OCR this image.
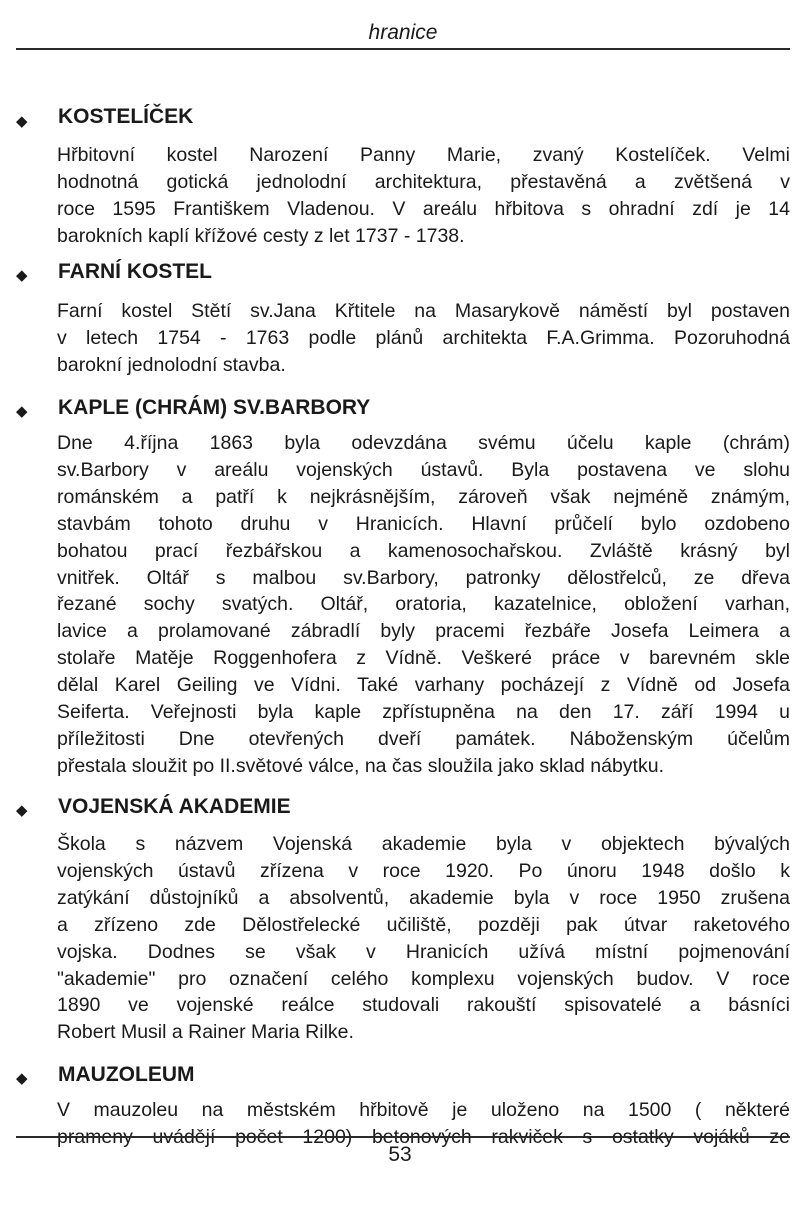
hranice
◆ KOSTELÍČEK

Hřbitovní kostel Narození Panny Marie, zvaný Kostelíček. Velmi
hodnotná gotická jednolodní architektura, přestavěná a zvětšená v
roce 1595 Františkem Vladenou. V areálu hřbitova s ohradní zdí je 14
barokních kaplí křížové cesty z let 1737 - 1738.

◆ FARNÍ KOSTEL

Farní kostel Stětí sv.Jana Křtitele na Masarykově náměstí byl postaven
v letech 1754 - 1763 podle plánů architekta F.A.Grimma. Pozoruhodná
barokní jednolodní stavba.

◆ KAPLE (CHRÁM) SV.BARBORY

Dne 4.října 1863 byla odevzdána svému účelu kaple (chrám)
sv.Barbory v areálu vojenských ústavů. Byla postavena ve slohu
románském a patří k nejkrásnějším, zároveň však nejméně známým,
stavbám tohoto druhu v Hranicích. Hlavní průčelí bylo ozdobeno
bohatou prací řezbářskou a kamenosochařskou. Zvláště krásný byl
vnitřek. Oltář s malbou sv.Barbory, patronky dělostřelců, ze dřeva
řezané sochy svatých. Oltář, oratoria, kazatelnice, obložení varhan,
lavice a prolamované zábradlí byly pracemi řezbáře Josefa Leimera a
stolaře Matěje Roggenhofera z Vídně. Veškeré práce v barevném skle
dělal Karel Geiling ve Vídni. Také varhany pocházejí z Vídně od Josefa
Seiferta. Veřejnosti byla kaple zpřístupněna na den 17. září 1994 u
příležitosti Dne otevřených dveří památek. Náboženským účelům
přestala sloužit po II.světové válce, na čas sloužila jako sklad nábytku.

◆ VOJENSKÁ AKADEMIE

Škola s názvem Vojenská akademie byla v objektech bývalých
vojenských ústavů zřízena v roce 1920. Po únoru 1948 došlo k
zatýkání důstojníků a absolventů, akademie byla v roce 1950 zrušena
a zřízeno zde Dělostřelecké učiliště, později pak útvar raketového
vojska. Dodnes se však v Hranicích užívá místní pojmenování
"akademie" pro označení celého komplexu vojenských budov. V roce
1890 ve vojenské reálce studovali rakouští spisovatelé a básníci
Robert Musil a Rainer Maria Rilke.

◆ MAUZOLEUM

V mauzoleu na městském hřbitově je uloženo na 1500 ( některé
prameny uvádějí počet 1200) betonových rakviček s ostatky vojáků ze

53
